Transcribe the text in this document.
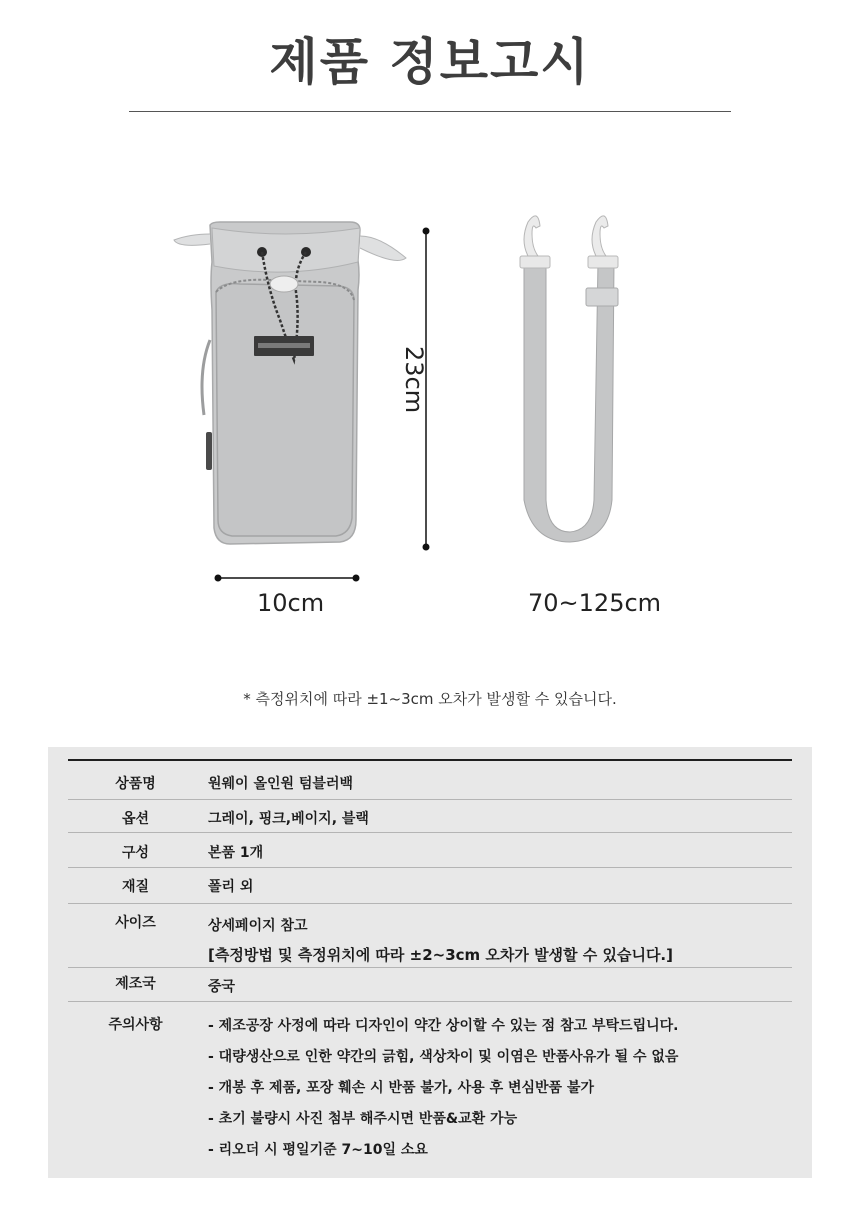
제품 정보고시
10cm
23cm
70~125cm
* 측정위치에 따라 ±1~3cm 오차가 발생할 수 있습니다.
상품명	원웨이 올인원 텀블러백
옵션	그레이, 핑크,베이지, 블랙
구성	본품 1개
재질	폴리 외
사이즈	상세페이지 참고
[측정방법 및 측정위치에 따라 ±2~3cm 오차가 발생할 수 있습니다.]
제조국	중국
주의사항	- 제조공장 사정에 따라 디자인이 약간 상이할 수 있는 점 참고 부탁드립니다.
- 대량생산으로 인한 약간의 긁힘, 색상차이 및 이염은 반품사유가 될 수 없음
- 개봉 후 제품, 포장 훼손 시 반품 불가, 사용 후 변심반품 불가
- 초기 불량시 사진 첨부 해주시면 반품&교환 가능
- 리오더 시 평일기준 7~10일 소요
